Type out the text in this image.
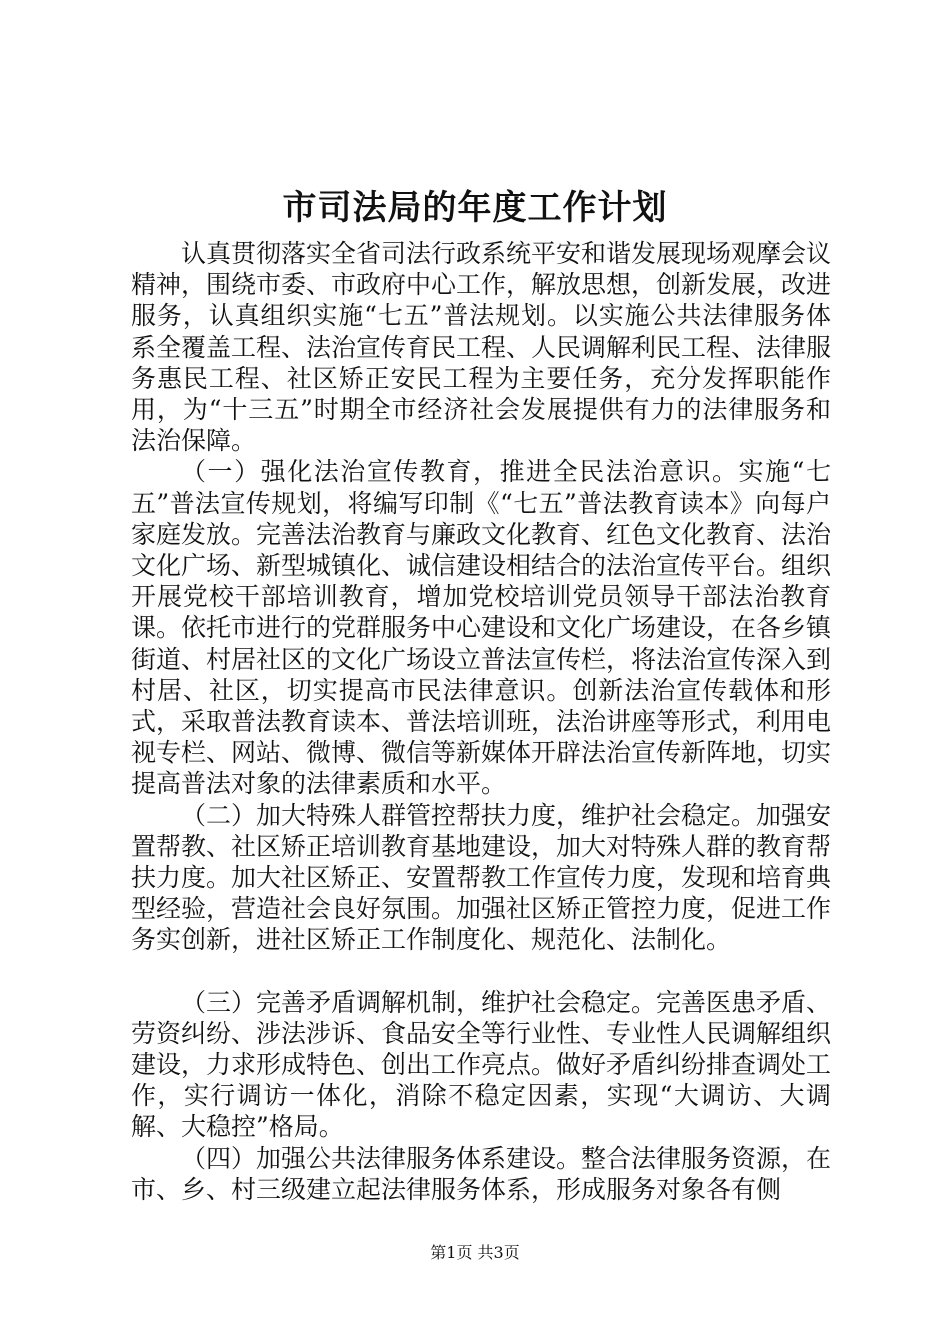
市司法局的年度工作计划

认真贯彻落实全省司法行政系统平安和谐发展现场观摩会议精神，围绕市委、市政府中心工作，解放思想，创新发展，改进服务，认真组织实施“七五”普法规划。以实施公共法律服务体系全覆盖工程、法治宣传育民工程、人民调解利民工程、法律服务惠民工程、社区矫正安民工程为主要任务，充分发挥职能作用，为“十三五”时期全市经济社会发展提供有力的法律服务和法治保障。

（一）强化法治宣传教育，推进全民法治意识。实施“七五”普法宣传规划，将编写印制《“七五”普法教育读本》向每户家庭发放。完善法治教育与廉政文化教育、红色文化教育、法治文化广场、新型城镇化、诚信建设相结合的法治宣传平台。组织开展党校干部培训教育，增加党校培训党员领导干部法治教育课。依托市进行的党群服务中心建设和文化广场建设，在各乡镇街道、村居社区的文化广场设立普法宣传栏，将法治宣传深入到村居、社区，切实提高市民法律意识。创新法治宣传载体和形式，采取普法教育读本、普法培训班，法治讲座等形式，利用电视专栏、网站、微博、微信等新媒体开辟法治宣传新阵地，切实提高普法对象的法律素质和水平。

（二）加大特殊人群管控帮扶力度，维护社会稳定。加强安置帮教、社区矫正培训教育基地建设，加大对特殊人群的教育帮扶力度。加大社区矫正、安置帮教工作宣传力度，发现和培育典型经验，营造社会良好氛围。加强社区矫正管控力度，促进工作务实创新，进社区矫正工作制度化、规范化、法制化。

（三）完善矛盾调解机制，维护社会稳定。完善医患矛盾、劳资纠纷、涉法涉诉、食品安全等行业性、专业性人民调解组织建设，力求形成特色、创出工作亮点。做好矛盾纠纷排查调处工作，实行调访一体化，消除不稳定因素，实现“大调访、大调解、大稳控”格局。

（四）加强公共法律服务体系建设。整合法律服务资源，在市、乡、村三级建立起法律服务体系，形成服务对象各有侧

第1页 共3页
